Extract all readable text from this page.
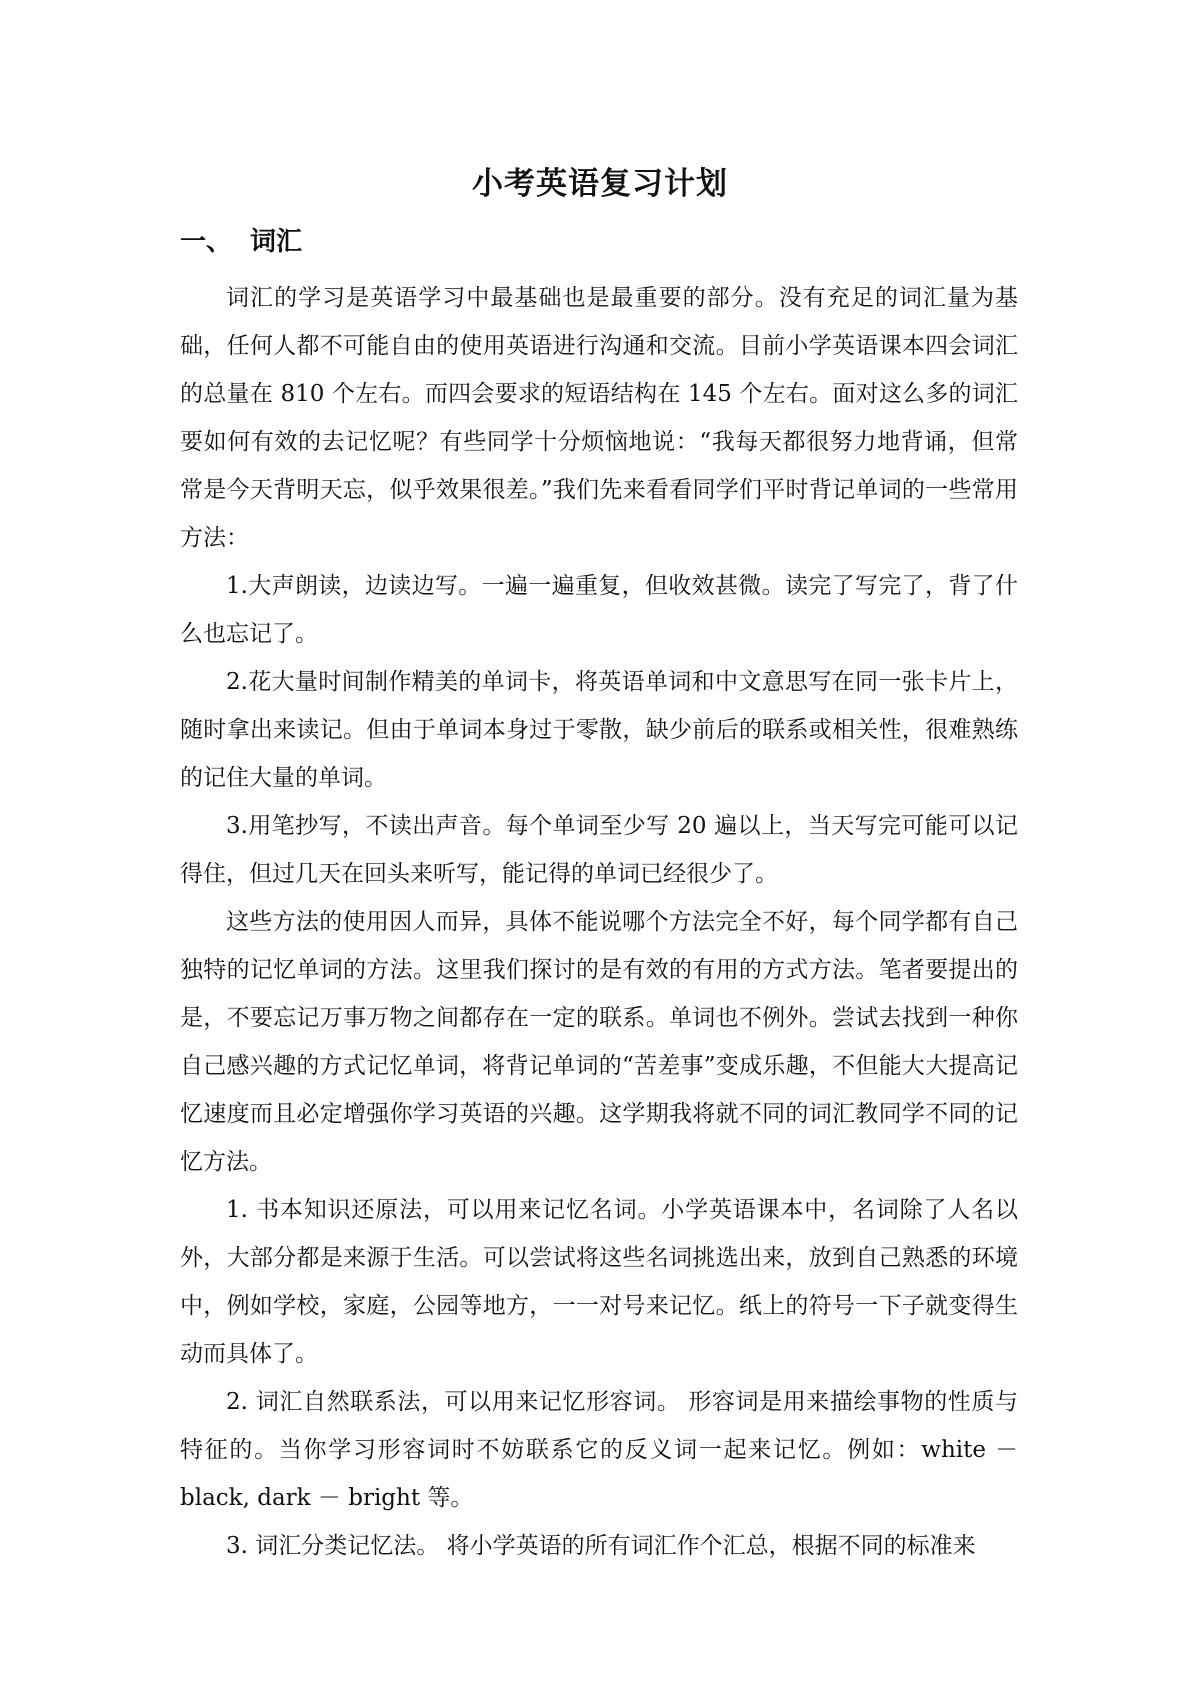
小考英语复习计划
一、 词汇

词汇的学习是英语学习中最基础也是最重要的部分。没有充足的词汇量为基础，任何人都不可能自由的使用英语进行沟通和交流。目前小学英语课本四会词汇的总量在 810 个左右。而四会要求的短语结构在 145 个左右。面对这么多的词汇要如何有效的去记忆呢？有些同学十分烦恼地说：“我每天都很努力地背诵，但常常是今天背明天忘，似乎效果很差。”我们先来看看同学们平时背记单词的一些常用方法：

1.大声朗读，边读边写。一遍一遍重复，但收效甚微。读完了写完了，背了什么也忘记了。

2.花大量时间制作精美的单词卡，将英语单词和中文意思写在同一张卡片上，随时拿出来读记。但由于单词本身过于零散，缺少前后的联系或相关性，很难熟练的记住大量的单词。

3.用笔抄写，不读出声音。每个单词至少写 20 遍以上，当天写完可能可以记得住，但过几天在回头来听写，能记得的单词已经很少了。

这些方法的使用因人而异，具体不能说哪个方法完全不好，每个同学都有自己独特的记忆单词的方法。这里我们探讨的是有效的有用的方式方法。笔者要提出的是，不要忘记万事万物之间都存在一定的联系。单词也不例外。尝试去找到一种你自己感兴趣的方式记忆单词，将背记单词的“苦差事”变成乐趣，不但能大大提高记忆速度而且必定增强你学习英语的兴趣。这学期我将就不同的词汇教同学不同的记忆方法。

1. 书本知识还原法，可以用来记忆名词。小学英语课本中，名词除了人名以外，大部分都是来源于生活。可以尝试将这些名词挑选出来，放到自己熟悉的环境中，例如学校，家庭，公园等地方，一一对号来记忆。纸上的符号一下子就变得生动而具体了。

2. 词汇自然联系法，可以用来记忆形容词。 形容词是用来描绘事物的性质与特征的。当你学习形容词时不妨联系它的反义词一起来记忆。例如：white － black, dark － bright 等。

3. 词汇分类记忆法。 将小学英语的所有词汇作个汇总，根据不同的标准来
